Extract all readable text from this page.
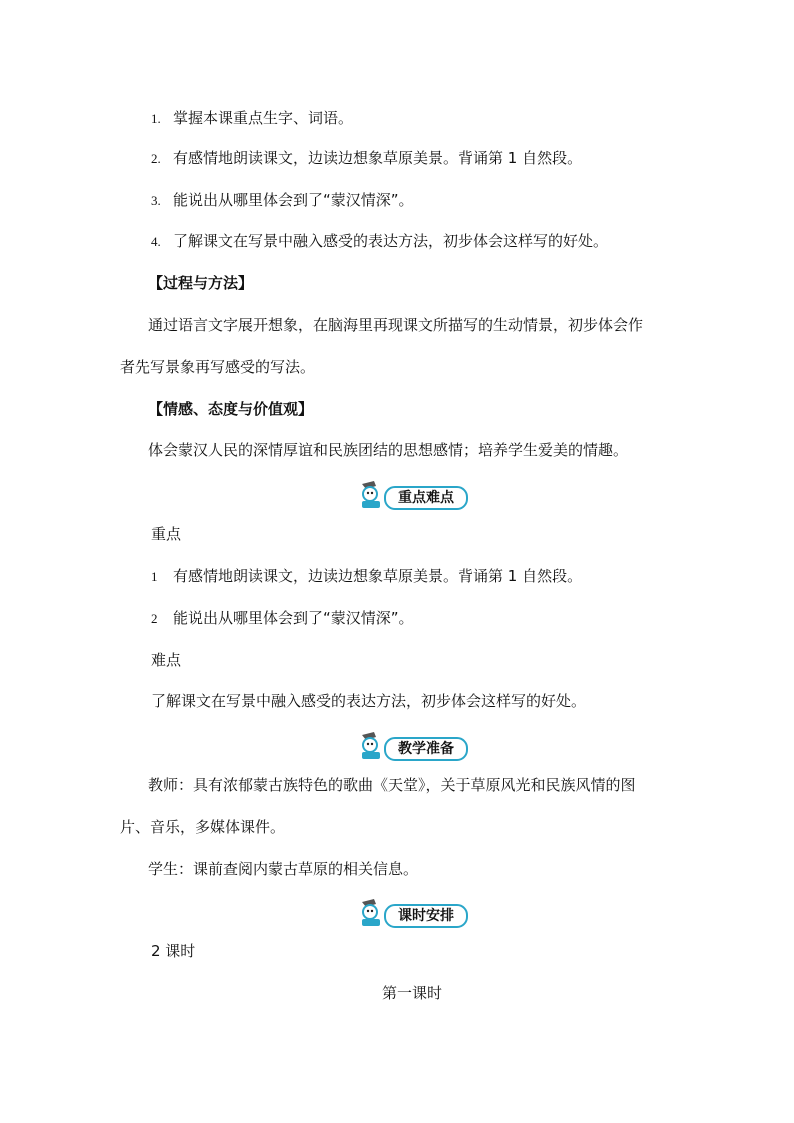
1. 掌握本课重点生字、词语。
2. 有感情地朗读课文，边读边想象草原美景。背诵第 1 自然段。
3. 能说出从哪里体会到了“蒙汉情深”。
4. 了解课文在写景中融入感受的表达方法，初步体会这样写的好处。
【过程与方法】
通过语言文字展开想象，在脑海里再现课文所描写的生动情景，初步体会作
者先写景象再写感受的写法。
【情感、态度与价值观】
体会蒙汉人民的深情厚谊和民族团结的思想感情；培养学生爱美的情趣。
重点难点
重点
1 有感情地朗读课文，边读边想象草原美景。背诵第 1 自然段。
2 能说出从哪里体会到了“蒙汉情深”。
难点
了解课文在写景中融入感受的表达方法，初步体会这样写的好处。
教学准备
教师：具有浓郁蒙古族特色的歌曲《天堂》，关于草原风光和民族风情的图
片、音乐，多媒体课件。
学生：课前查阅内蒙古草原的相关信息。
课时安排
2 课时
第一课时
